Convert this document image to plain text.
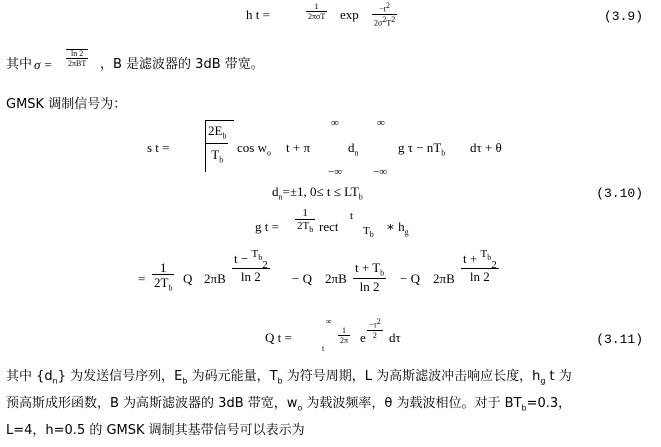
h t =
1
2πσT $\exp \frac{-t2}{2\sigma 2T2}$	(3.9)
其中 σ =
ln 2
2πBT ，B 是滤波器的 3dB 带宽。
GMSK 调制信号为：
s t =	$\frac{2E_b}{T_b}$ $\cos w_o$ t + π
∞
−∞
$d_n$
∞
−∞
g $\tau - nT_b$ dτ + θ
$d_n=\pm 1$, $0\le t \le LT_b$	(3.10)
g $t = \frac{1}{2T_b}$ rect
t
$T_b$
∗ $h_g$
= $\frac{1}{2T_b}$ Q $2\pi B \frac{t - ^{T_b}_2}{\ln 2} - Q$ $2\pi B \frac{t + T_b}{\ln 2} - Q$ $2\pi B \frac{t + ^{T_b}_2}{\ln 2}$
Q t =
∞
t
$\frac{1}{2\pi}$ e $\frac{-\tau 2}{2}$ dτ	(3.11)
其中 $\{d_n\}$ 为发送信号序列，$E_b$ 为码元能量，$T_b$ 为符号周期，L 为高斯滤波冲击响应长度，$h_g$ t 为
预高斯成形函数，B 为高斯滤波器的 3dB 带宽，$w_o$ 为载波频率，θ 为载波相位。对于 $BT_b=0.3$，
L=4，h=0.5 的 GMSK 调制其基带信号可以表示为
